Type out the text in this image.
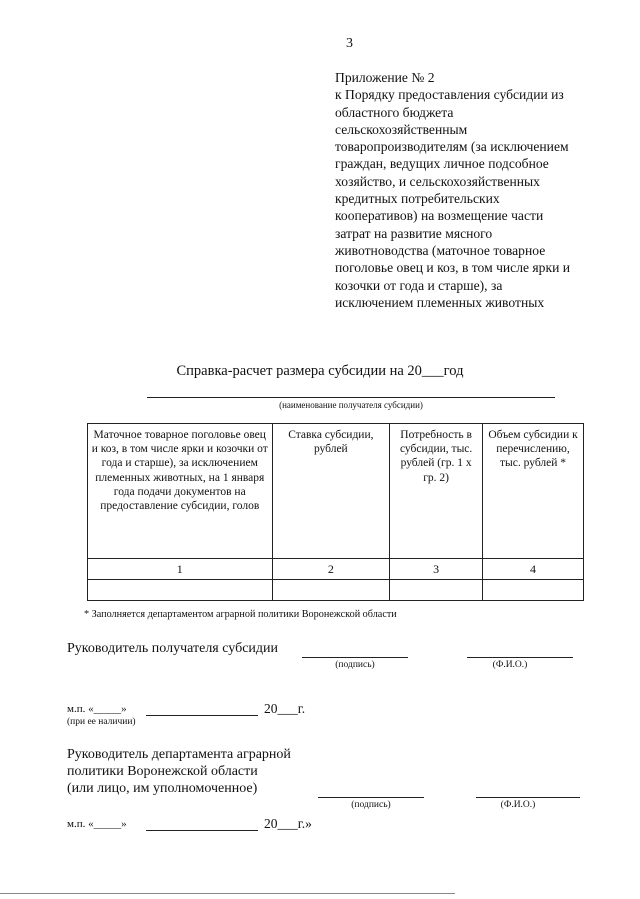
3
Приложение № 2
к Порядку предоставления субсидии из
областного бюджета
сельскохозяйственным
товаропроизводителям (за исключением
граждан, ведущих личное подсобное
хозяйство, и сельскохозяйственных
кредитных потребительских
кооперативов) на возмещение части
затрат на развитие мясного
животноводства (маточное товарное
поголовье овец и коз, в том числе ярки и
козочки от года и старше), за
исключением племенных животных
Справка-расчет размера субсидии на 20___год
(наименование получателя субсидии)
Маточное товарное поголовье овец и коз, в том числе ярки и козочки от года и старше), за исключением племенных животных, на 1 января года подачи документов на предоставление субсидии, голов	Ставка субсидии, рублей	Потребность в субсидии, тыс. рублей (гр. 1 x гр. 2)	Объем субсидии к перечислению, тыс. рублей *
1	2	3	4

* Заполняется департаментом аграрной политики Воронежской области
Руководитель получателя субсидии
(подпись)	(Ф.И.О.)
м.п. «_____»	20___г.
(при ее наличии)
Руководитель департамента аграрной
политики Воронежской области
(или лицо, им уполномоченное)
(подпись)	(Ф.И.О.)
м.п. «_____»	20___г.»
